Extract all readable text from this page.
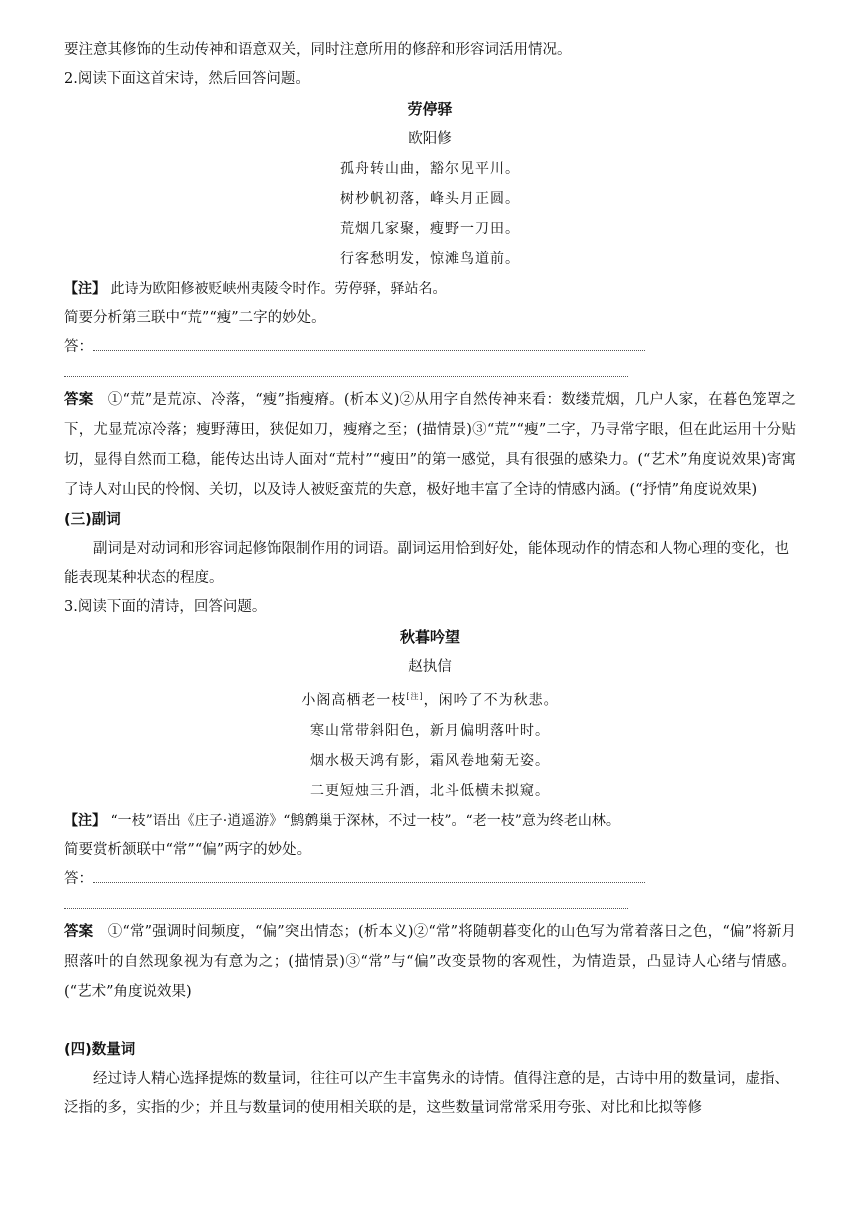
要注意其修饰的生动传神和语意双关，同时注意所用的修辞和形容词活用情况。

2.阅读下面这首宋诗，然后回答问题。

劳停驿

欧阳修

孤舟转山曲，豁尔见平川。

树杪帆初落，峰头月正圆。

荒烟几家聚，瘦野一刀田。

行客愁明发，惊滩鸟道前。

【注】 此诗为欧阳修被贬峡州夷陵令时作。劳停驿，驿站名。

简要分析第三联中“荒”“瘦”二字的妙处。

答：

答案 ①“荒”是荒凉、冷落，“瘦”指瘦瘠。(析本义)②从用字自然传神来看：数缕荒烟，几户人家，在暮色笼罩之下，尤显荒凉冷落；瘦野薄田，狭促如刀，瘦瘠之至；(描情景)③“荒”“瘦”二字，乃寻常字眼，但在此运用十分贴切，显得自然而工稳，能传达出诗人面对“荒村”“瘦田”的第一感觉，具有很强的感染力。(“艺术”角度说效果)寄寓了诗人对山民的怜悯、关切，以及诗人被贬蛮荒的失意，极好地丰富了全诗的情感内涵。(“抒情”角度说效果)

(三)副词

副词是对动词和形容词起修饰限制作用的词语。副词运用恰到好处，能体现动作的情态和人物心理的变化，也能表现某种状态的程度。

3.阅读下面的清诗，回答问题。

秋暮吟望

赵执信

小阁高栖老一枝[注]，闲吟了不为秋悲。

寒山常带斜阳色，新月偏明落叶时。

烟水极天鸿有影，霜风卷地菊无姿。

二更短烛三升酒，北斗低横未拟窥。

【注】 “一枝”语出《庄子·逍遥游》“鹪鹩巢于深林，不过一枝”。“老一枝”意为终老山林。

简要赏析颔联中“常”“偏”两字的妙处。

答：

答案 ①“常”强调时间频度，“偏”突出情态；(析本义)②“常”将随朝暮变化的山色写为常着落日之色，“偏”将新月照落叶的自然现象视为有意为之；(描情景)③“常”与“偏”改变景物的客观性，为情造景，凸显诗人心绪与情感。(“艺术”角度说效果)

(四)数量词

经过诗人精心选择提炼的数量词，往往可以产生丰富隽永的诗情。值得注意的是，古诗中用的数量词，虚指、泛指的多，实指的少；并且与数量词的使用相关联的是，这些数量词常常采用夸张、对比和比拟等修
